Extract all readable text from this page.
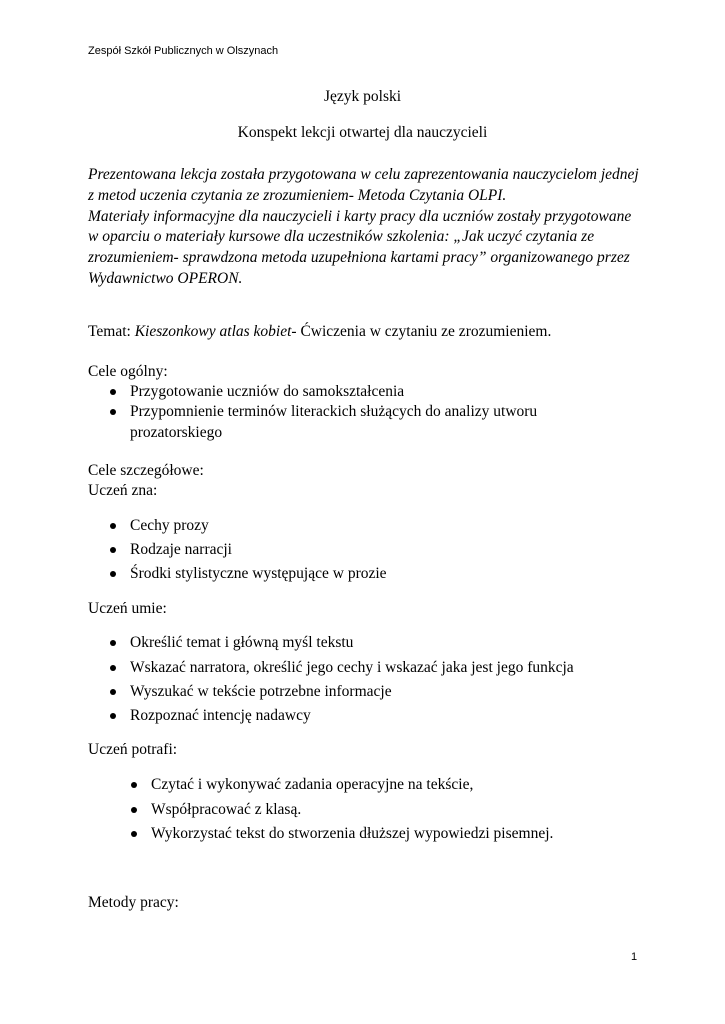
Zespół Szkół Publicznych w Olszynach
Język polski
Konspekt lekcji otwartej dla nauczycieli

Prezentowana lekcja została przygotowana w celu zaprezentowania nauczycielom jednej z metod uczenia czytania ze zrozumieniem- Metoda Czytania OLPI.

Materiały informacyjne dla nauczycieli i karty pracy dla uczniów zostały przygotowane w oparciu o materiały kursowe dla uczestników szkolenia: „Jak uczyć czytania ze zrozumieniem- sprawdzona metoda uzupełniona kartami pracy” organizowanego przez Wydawnictwo OPERON.

Temat: Kieszonkowy atlas kobiet- Ćwiczenia w czytaniu ze zrozumieniem.
Cele ogólny:
Przygotowanie uczniów do samokształcenia
Przypomnienie terminów literackich służących do analizy utworu
prozatorskiego
Cele szczegółowe:
Uczeń zna:
Cechy prozy
Rodzaje narracji
Środki stylistyczne występujące w prozie
Uczeń umie:
Określić temat i główną myśl tekstu
Wskazać narratora, określić jego cechy i wskazać jaka jest jego funkcja
Wyszukać w tekście potrzebne informacje
Rozpoznać intencję nadawcy
Uczeń potrafi:
Czytać i wykonywać zadania operacyjne na tekście,
Współpracować z klasą.
Wykorzystać tekst do stworzenia dłuższej wypowiedzi pisemnej.
Metody pracy:
1
